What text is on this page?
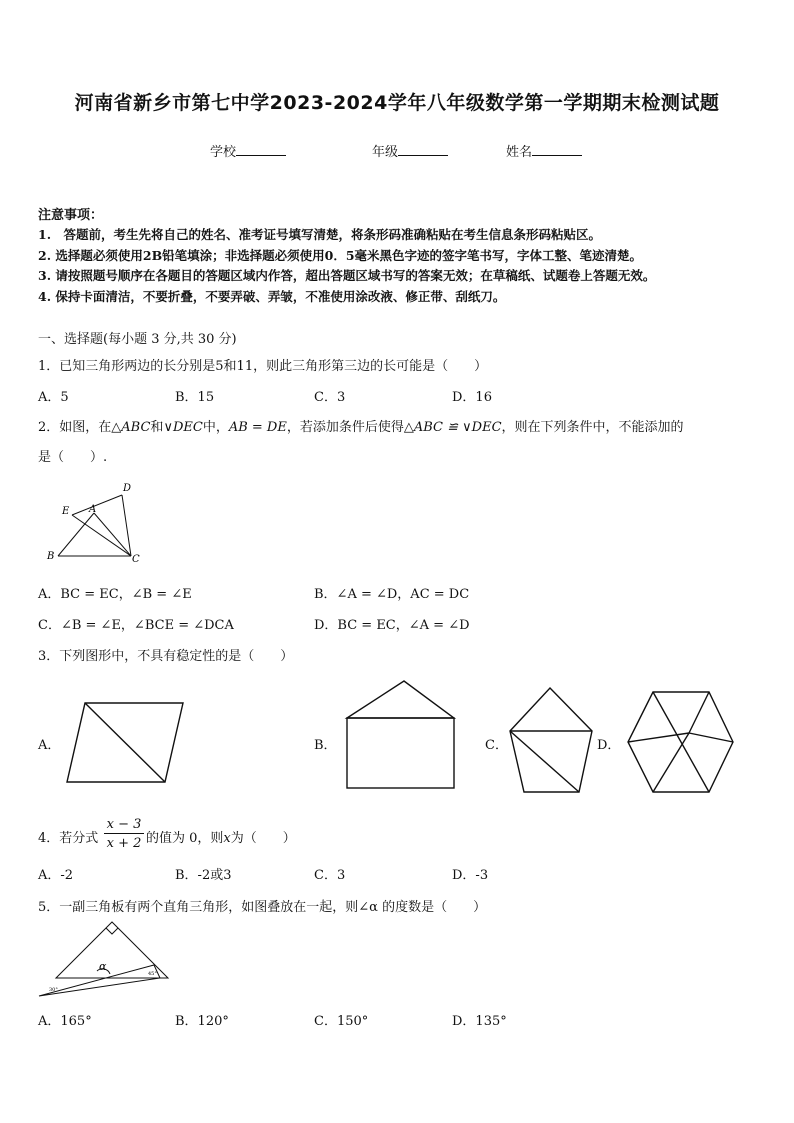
河南省新乡市第七中学2023-2024学年八年级数学第一学期期末检测试题
学校	年级	姓名
注意事项：
1.　答题前，考生先将自己的姓名、准考证号填写清楚，将条形码准确粘贴在考生信息条形码粘贴区。
2. 选择题必须使用2B铅笔填涂；非选择题必须使用0．5毫米黑色字迹的签字笔书写，字体工整、笔迹清楚。
3. 请按照题号顺序在各题目的答题区域内作答，超出答题区域书写的答案无效；在草稿纸、试题卷上答题无效。
4. 保持卡面清洁，不要折叠，不要弄破、弄皱，不准使用涂改液、修正带、刮纸刀。
一、选择题(每小题 3 分,共 30 分)
1．已知三角形两边的长分别是5和11，则此三角形第三边的长可能是（　　）
A．5	B．15	C．3	D．16
2．如图，在△ABC和∨DEC中，AB = DE，若添加条件后使得△ABC ≌ ∨DEC，则在下列条件中，不能添加的
是（　　）.
D
E A
B	C
A．BC = EC，∠B = ∠E	B．∠A = ∠D，AC = DC
C．∠B = ∠E，∠BCE = ∠DCA	D．BC = EC，∠A = ∠D
3．下列图形中，不具有稳定性的是（　　）
A．	B．	C．	D．
4．若分式 $\frac{x - 3}{x + 2}$ 的值为 0，则x为（　　）
A．-2	B．-2或3	C．3	D．-3
5．一副三角板有两个直角三角形，如图叠放在一起，则∠α 的度数是（　　）
α
45°
30°
A．165°	B．120°	C．150°	D．135°
